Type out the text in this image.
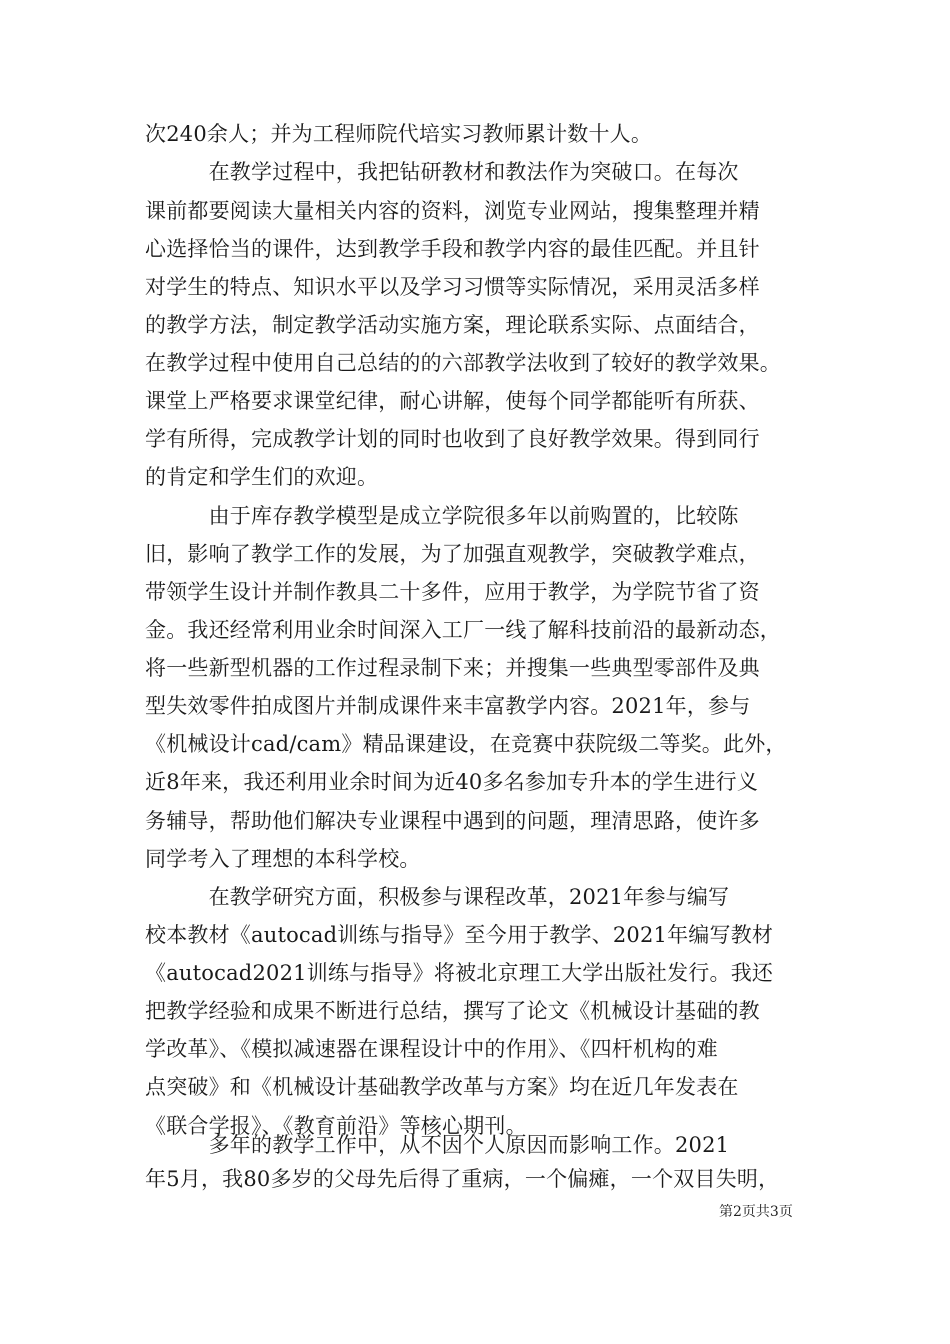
次240余人；并为工程师院代培实习教师累计数十人。
　　　在教学过程中，我把钻研教材和教法作为突破口。在每次
课前都要阅读大量相关内容的资料，浏览专业网站，搜集整理并精
心选择恰当的课件，达到教学手段和教学内容的最佳匹配。并且针
对学生的特点、知识水平以及学习习惯等实际情况，采用灵活多样
的教学方法，制定教学活动实施方案，理论联系实际、点面结合，
在教学过程中使用自己总结的的六部教学法收到了较好的教学效果。
课堂上严格要求课堂纪律，耐心讲解，使每个同学都能听有所获、
学有所得，完成教学计划的同时也收到了良好教学效果。得到同行
的肯定和学生们的欢迎。
　　　由于库存教学模型是成立学院很多年以前购置的，比较陈
旧，影响了教学工作的发展，为了加强直观教学，突破教学难点，
带领学生设计并制作教具二十多件，应用于教学，为学院节省了资
金。我还经常利用业余时间深入工厂一线了解科技前沿的最新动态，
将一些新型机器的工作过程录制下来；并搜集一些典型零部件及典
型失效零件拍成图片并制成课件来丰富教学内容。2021年，参与
《机械设计cad/cam》精品课建设，在竞赛中获院级二等奖。此外，
近8年来，我还利用业余时间为近40多名参加专升本的学生进行义
务辅导，帮助他们解决专业课程中遇到的问题，理清思路，使许多
同学考入了理想的本科学校。
　　　在教学研究方面，积极参与课程改革，2021年参与编写
校本教材《autocad训练与指导》至今用于教学、2021年编写教材
《autocad2021训练与指导》将被北京理工大学出版社发行。我还
把教学经验和成果不断进行总结，撰写了论文《机械设计基础的教
学改革》、《模拟减速器在课程设计中的作用》、《四杆机构的难
点突破》和《机械设计基础教学改革与方案》均在近几年发表在
《联合学报》、《教育前沿》等核心期刊。
　　　多年的教学工作中，从不因个人原因而影响工作。2021
年5月，我80多岁的父母先后得了重病，一个偏瘫，一个双目失明，
第2页共3页
